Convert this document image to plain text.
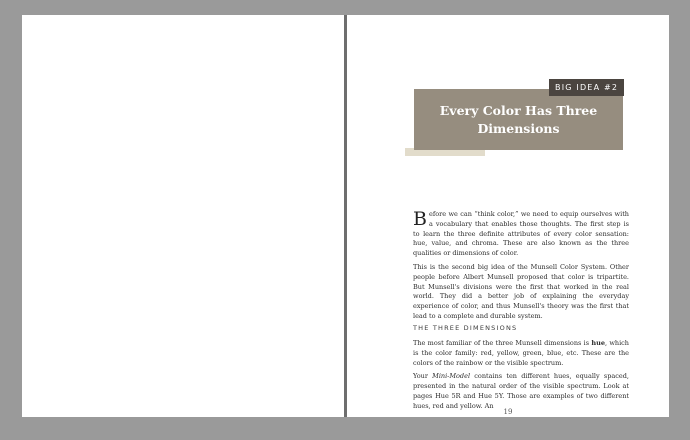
Every Color Has Three Dimensions
BIG IDEA #2

Before we can “think color,” we need to equip ourselves with a vocabulary that enables those thoughts. The first step is to learn the three definite attributes of every color sensation: hue, value, and chroma. These are also known as the three qualities or dimensions of color.

This is the second big idea of the Munsell Color System. Other people before Albert Munsell proposed that color is tripartite. But Munsell's divisions were the first that worked in the real world. They did a better job of explaining the everyday experience of color, and thus Munsell's theory was the first that lead to a complete and durable system.

THE THREE DIMENSIONS

The most familiar of the three Munsell dimensions is hue, which is the color family: red, yellow, green, blue, etc. These are the colors of the rainbow or the visible spectrum.

Your Mini-Model contains ten different hues, equally spaced, presented in the natural order of the visible spectrum. Look at pages Hue 5R and Hue 5Y. Those are examples of two different hues, red and yellow. An

19
